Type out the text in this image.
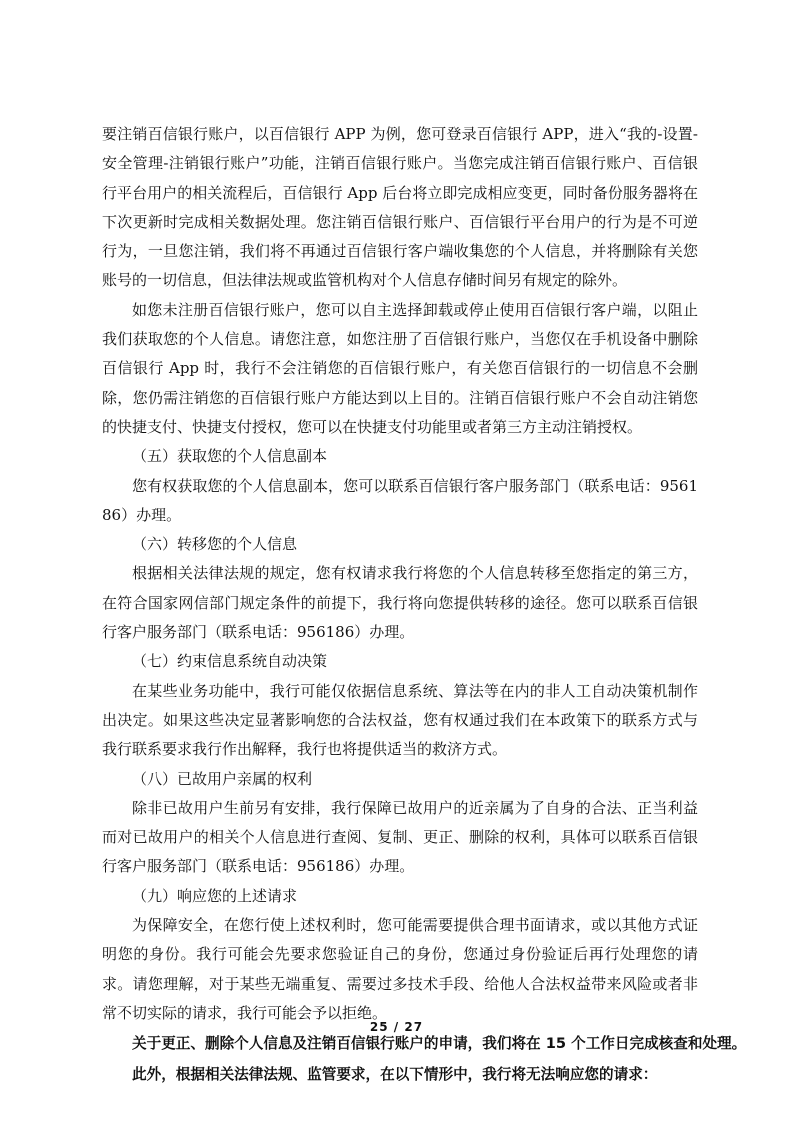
要注销百信银行账户，以百信银行 APP 为例，您可登录百信银行 APP，进入“我的-设置-安全管理-注销银行账户”功能，注销百信银行账户。当您完成注销百信银行账户、百信银行平台用户的相关流程后，百信银行 App 后台将立即完成相应变更，同时备份服务器将在下次更新时完成相关数据处理。您注销百信银行账户、百信银行平台用户的行为是不可逆行为，一旦您注销，我们将不再通过百信银行客户端收集您的个人信息，并将删除有关您账号的一切信息，但法律法规或监管机构对个人信息存储时间另有规定的除外。

如您未注册百信银行账户，您可以自主选择卸载或停止使用百信银行客户端，以阻止我们获取您的个人信息。请您注意，如您注册了百信银行账户，当您仅在手机设备中删除百信银行 App 时，我行不会注销您的百信银行账户，有关您百信银行的一切信息不会删除，您仍需注销您的百信银行账户方能达到以上目的。注销百信银行账户不会自动注销您的快捷支付、快捷支付授权，您可以在快捷支付功能里或者第三方主动注销授权。

（五）获取您的个人信息副本

您有权获取您的个人信息副本，您可以联系百信银行客户服务部门（联系电话：956186）办理。

（六）转移您的个人信息

根据相关法律法规的规定，您有权请求我行将您的个人信息转移至您指定的第三方，在符合国家网信部门规定条件的前提下，我行将向您提供转移的途径。您可以联系百信银行客户服务部门（联系电话：956186）办理。

（七）约束信息系统自动决策

在某些业务功能中，我行可能仅依据信息系统、算法等在内的非人工自动决策机制作出决定。如果这些决定显著影响您的合法权益，您有权通过我们在本政策下的联系方式与我行联系要求我行作出解释，我行也将提供适当的救济方式。

（八）已故用户亲属的权利

除非已故用户生前另有安排，我行保障已故用户的近亲属为了自身的合法、正当利益而对已故用户的相关个人信息进行查阅、复制、更正、删除的权利，具体可以联系百信银行客户服务部门（联系电话：956186）办理。

（九）响应您的上述请求

为保障安全，在您行使上述权利时，您可能需要提供合理书面请求，或以其他方式证明您的身份。我行可能会先要求您验证自己的身份，您通过身份验证后再行处理您的请求。请您理解，对于某些无端重复、需要过多技术手段、给他人合法权益带来风险或者非常不切实际的请求，我行可能会予以拒绝。

关于更正、删除个人信息及注销百信银行账户的申请，我们将在 15 个工作日完成核查和处理。

此外，根据相关法律法规、监管要求，在以下情形中，我行将无法响应您的请求：

25 / 27
